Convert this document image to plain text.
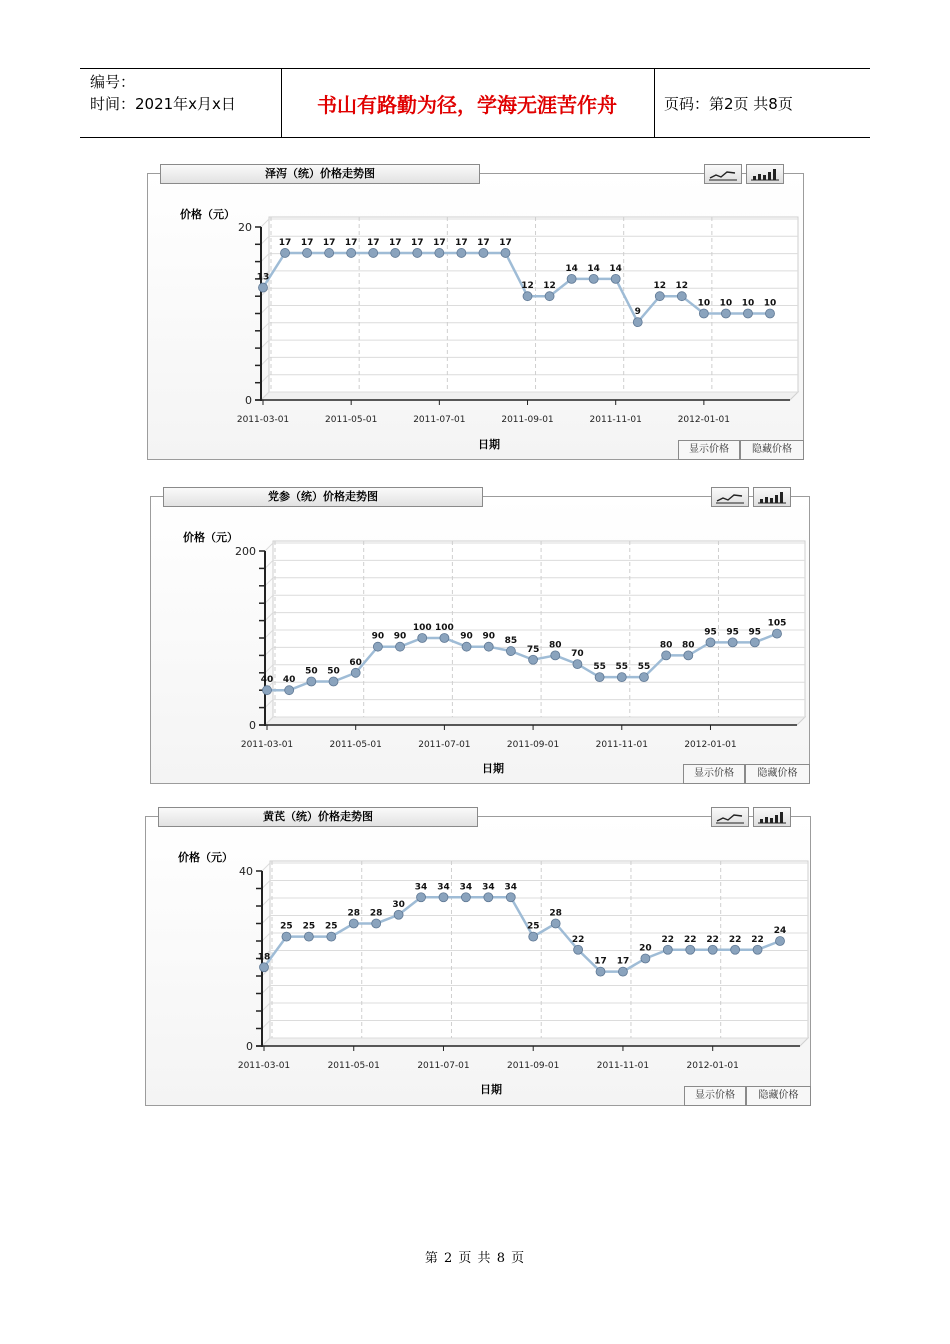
编号：
时间：2021年x月x日	书山有路勤为径，学海无涯苦作舟	页码：第2页 共8页
2011-03-01	2011-05-01	2011-07-01	2011-09-01	2011-11-01	2012-01-01
20
0
13
17 17 17 17 17 17 17 17 17 17 17
12 12
14 14 14
9
12 12
10 10 10 10
泽泻（统）价格走势图
价格（元）
日期	显示价格	隐藏价格
2011-03-01	2011-05-01	2011-07-01	2011-09-01	2011-11-01	2012-01-01
200
0
40 40
50 50
60
90 90
100 100
90 90 85
75 80
70
55 55 55
80 80
95 95 95
105
党参（统）价格走势图
价格（元）
日期	显示价格	隐藏价格
2011-03-01	2011-05-01	2011-07-01	2011-09-01	2011-11-01	2012-01-01
40
0
18
25 25 25
28 28
30
34 34 34 34 34
25
28
22
17 17
20
22 22 22 22 22
24
黄芪（统）价格走势图
价格（元）
日期	显示价格	隐藏价格
第 2 页 共 8 页
